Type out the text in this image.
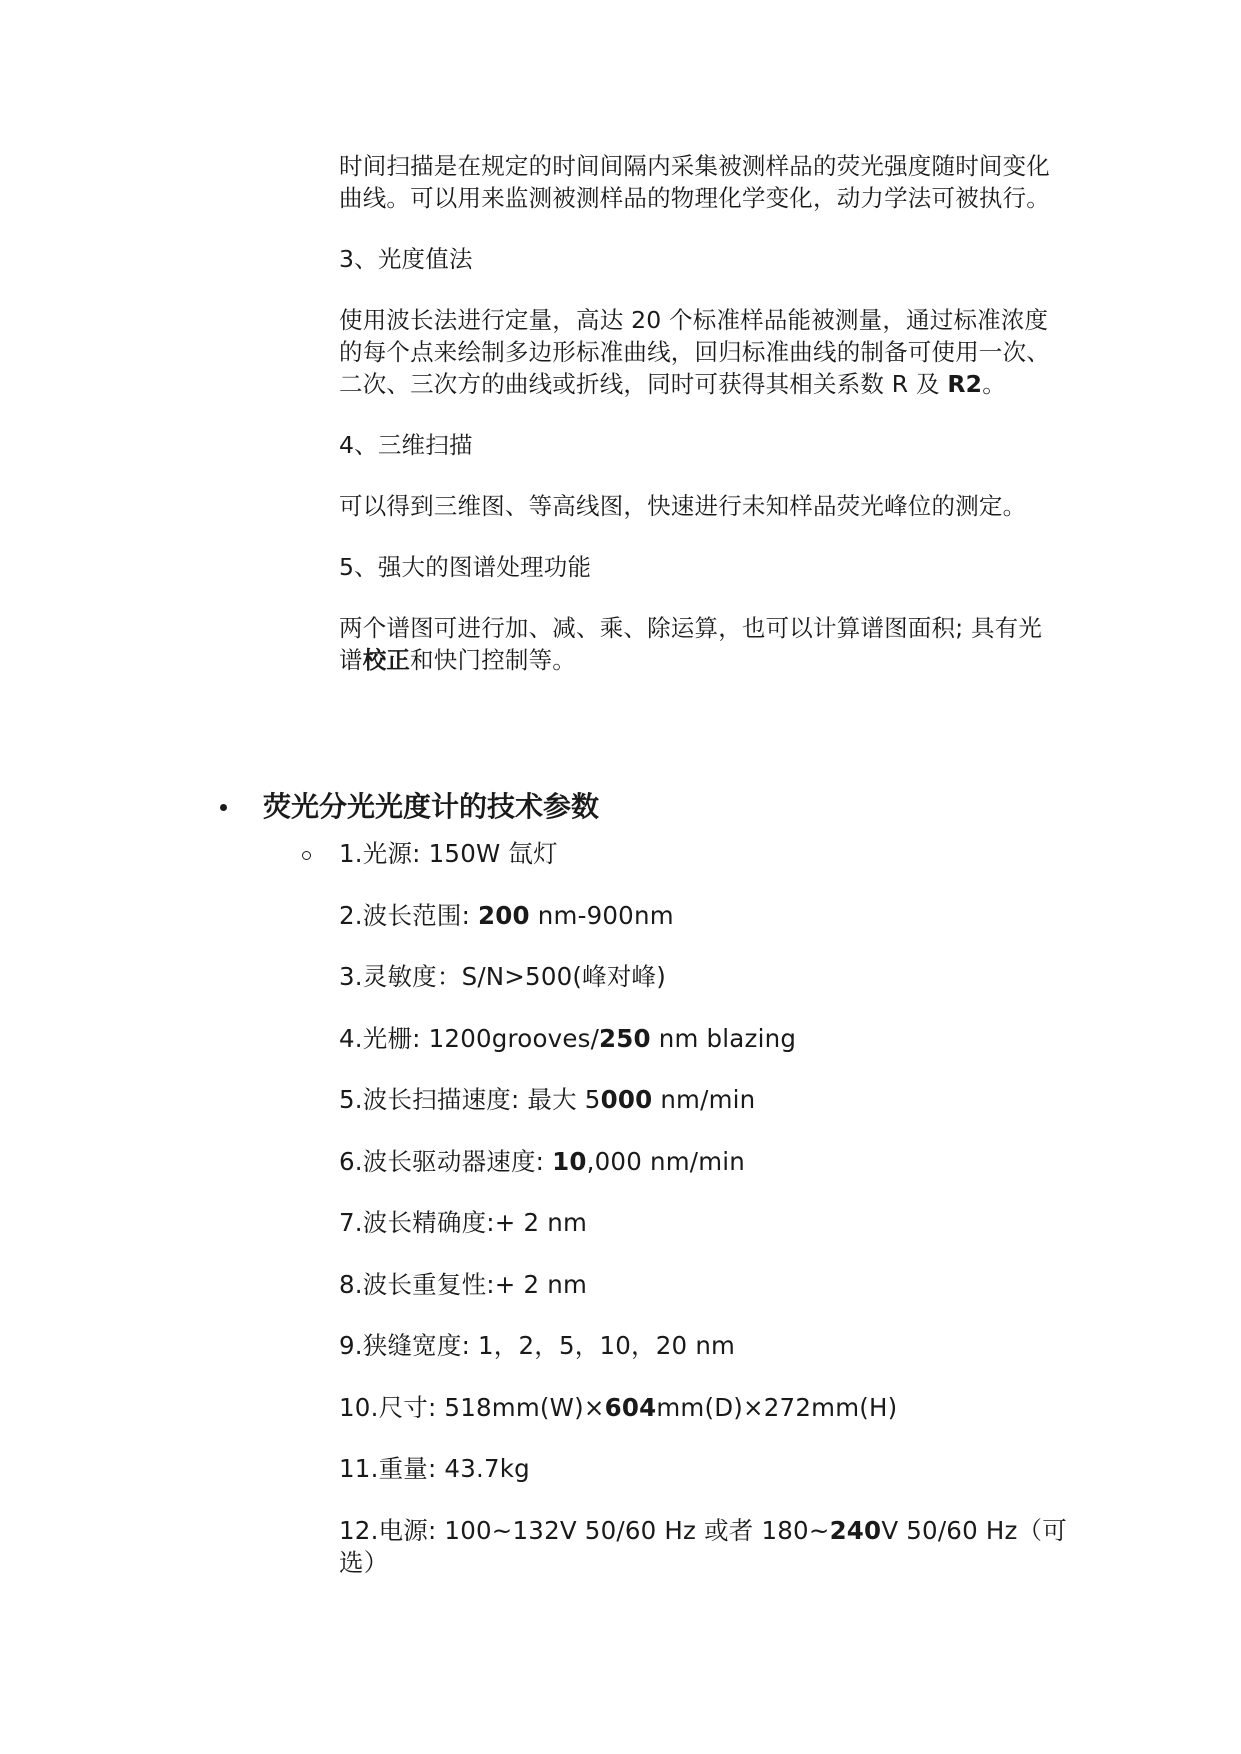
时间扫描是在规定的时间间隔内采集被测样品的荧光强度随时间变化曲线。可以用来监测被测样品的物理化学变化，动力学法可被执行。

3、光度值法

使用波长法进行定量，高达 20 个标准样品能被测量，通过标准浓度的每个点来绘制多边形标准曲线，回归标准曲线的制备可使用一次、二次、三次方的曲线或折线，同时可获得其相关系数 R 及 R2。

4、三维扫描

可以得到三维图、等高线图，快速进行未知样品荧光峰位的测定。

5、强大的图谱处理功能

两个谱图可进行加、减、乘、除运算，也可以计算谱图面积; 具有光谱校正和快门控制等。

荧光分光光度计的技术参数

1.光源: 150W 氙灯

2.波长范围: 200 nm-900nm

3.灵敏度：S/N>500(峰对峰)

4.光栅: 1200grooves/250 nm blazing

5.波长扫描速度: 最大 5000 nm/min

6.波长驱动器速度: 10,000 nm/min

7.波长精确度:+ 2 nm

8.波长重复性:+ 2 nm

9.狭缝宽度: 1，2，5，10，20 nm

10.尺寸: 518mm(W)×604mm(D)×272mm(H)

11.重量: 43.7kg

12.电源: 100~132V 50/60 Hz 或者 180~240V 50/60 Hz（可选）
